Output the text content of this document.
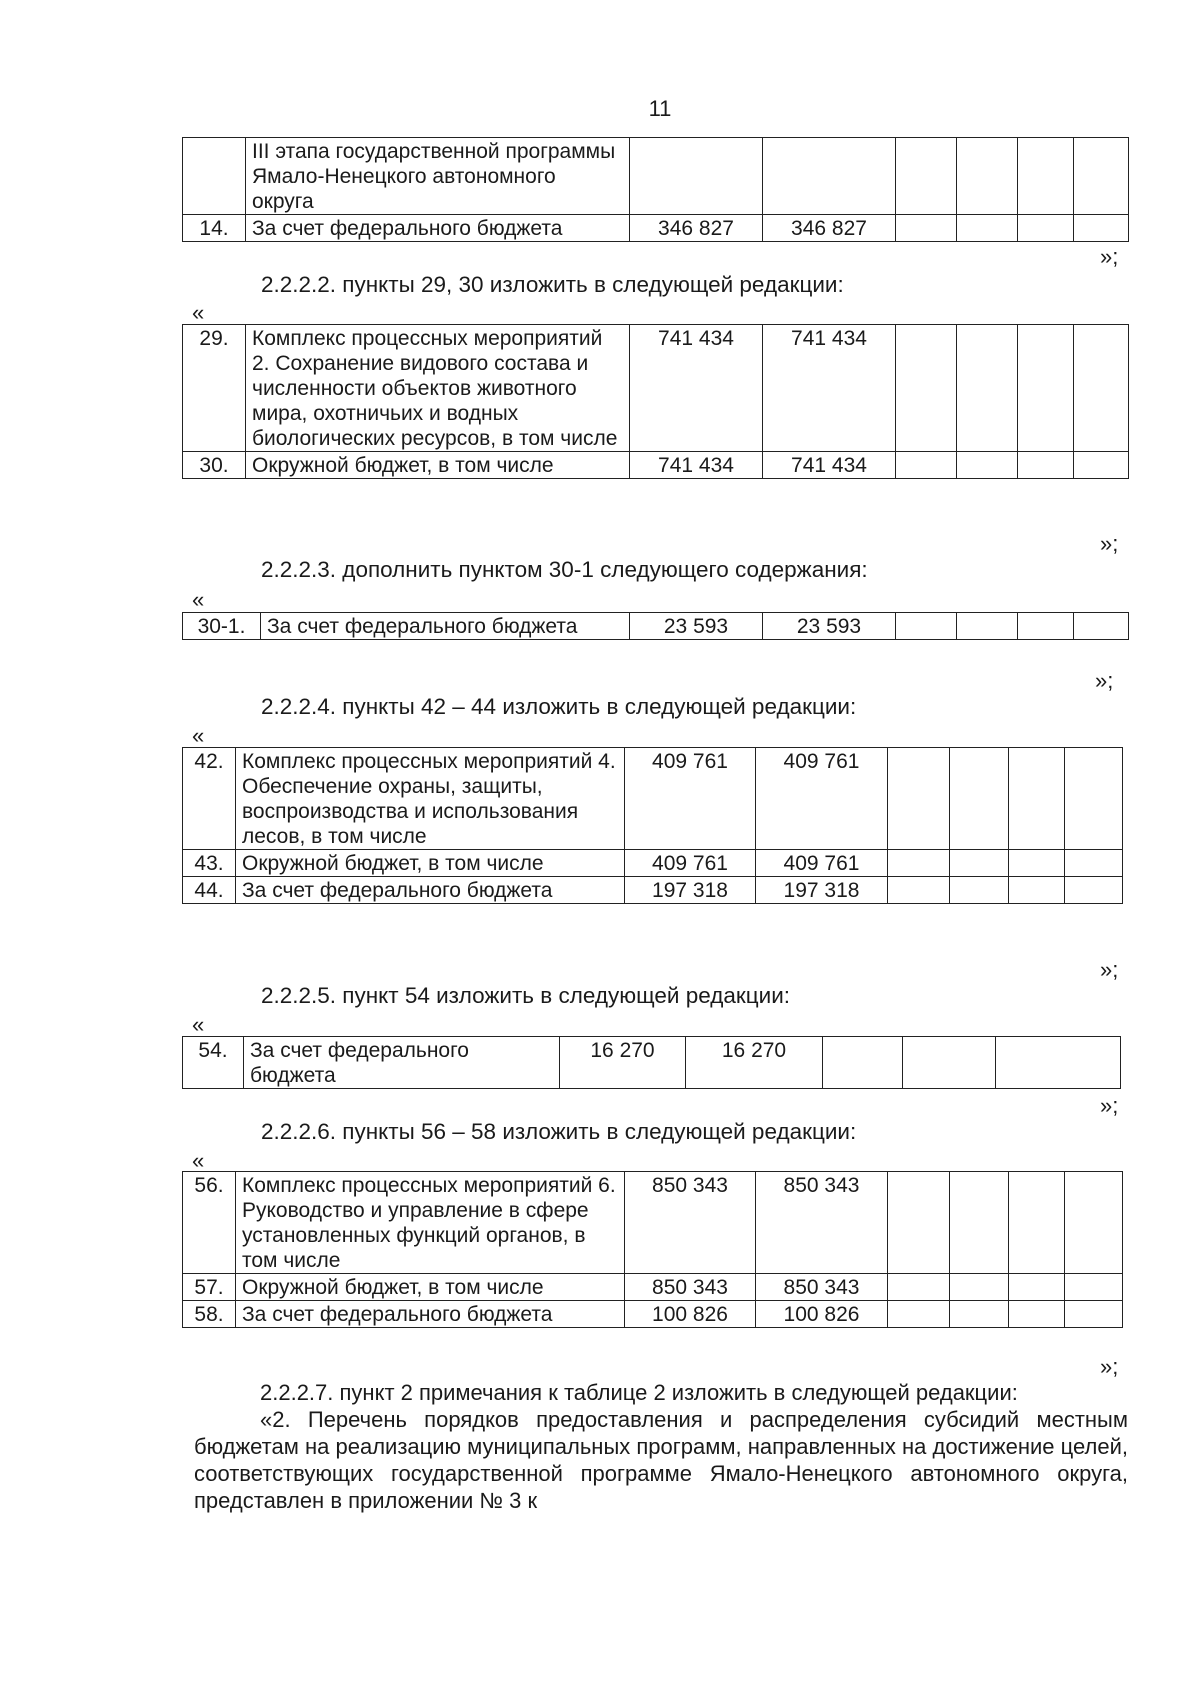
11
	III этапа государственной программы Ямало-Ненецкого автономного округа						
14.	За счет федерального бюджета	346 827	346 827				
»;
2.2.2.2. пункты 29, 30 изложить в следующей редакции:
«
29.	Комплекс процессных мероприятий 2. Сохранение видового состава и численности объектов животного мира, охотничьих и водных биологических ресурсов, в том числе	741 434	741 434				
30.	Окружной бюджет, в том числе	741 434	741 434				
»;
2.2.2.3. дополнить пунктом 30-1 следующего содержания:
«
30-1.	За счет федерального бюджета	23 593	23 593				
»;
2.2.2.4. пункты 42 – 44 изложить в следующей редакции:
«
42.	Комплекс процессных мероприятий 4. Обеспечение охраны, защиты, воспроизводства и использования лесов, в том числе	409 761	409 761				
43.	Окружной бюджет, в том числе	409 761	409 761				
44.	За счет федерального бюджета	197 318	197 318				
»;
2.2.2.5. пункт 54 изложить в следующей редакции:
«
54.	За счет федерального бюджета	16 270	16 270			
»;
2.2.2.6. пункты 56 – 58 изложить в следующей редакции:
«
56.	Комплекс процессных мероприятий 6. Руководство и управление в сфере установленных функций органов, в том числе	850 343	850 343				
57.	Окружной бюджет, в том числе	850 343	850 343				
58.	За счет федерального бюджета	100 826	100 826				
»;

2.2.2.7. пункт 2 примечания к таблице 2 изложить в следующей редакции:

«2. Перечень порядков предоставления и распределения субсидий местным бюджетам на реализацию муниципальных программ, направленных на достижение целей, соответствующих государственной программе Ямало-Ненецкого автономного округа, представлен в приложении № 3 к
